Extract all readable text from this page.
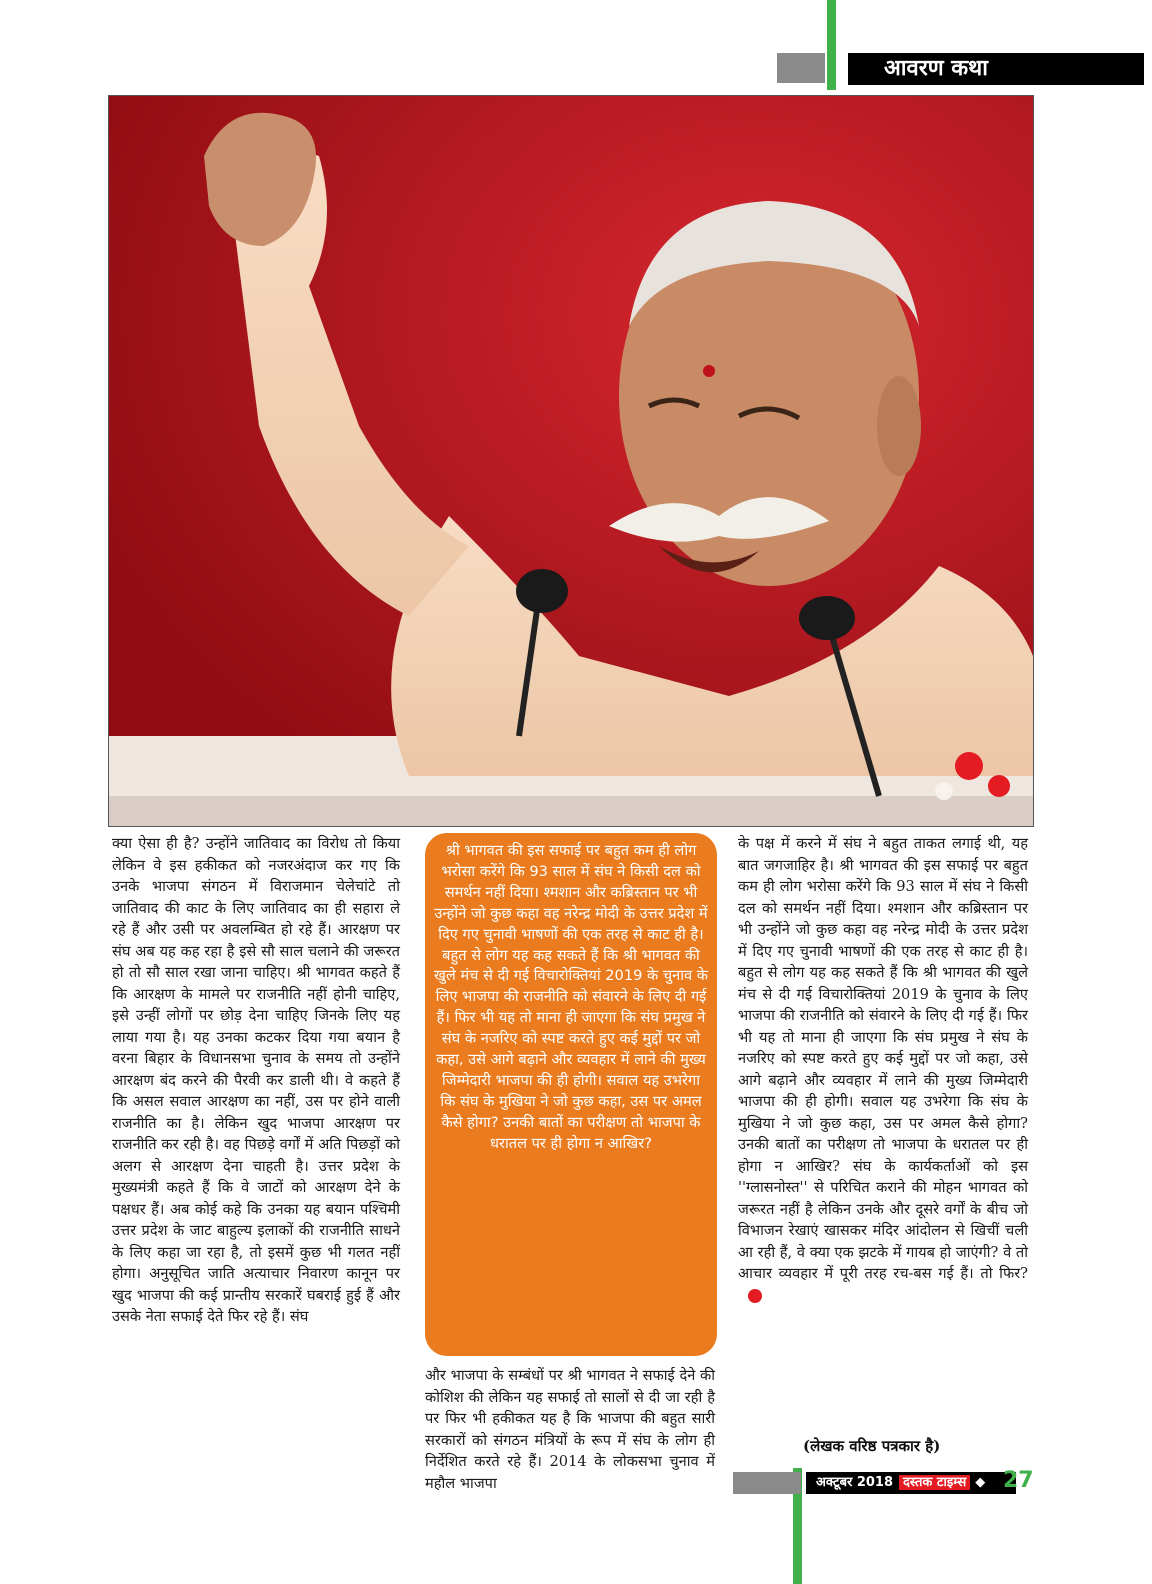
आवरण कथा

क्या ऐसा ही है? उन्होंने जातिवाद का विरोध तो किया लेकिन वे इस हकीकत को नजरअंदाज कर गए कि उनके भाजपा संगठन में विराजमान चेलेचांटे तो जातिवाद की काट के लिए जातिवाद का ही सहारा ले रहे हैं और उसी पर अवलम्बित हो रहे हैं। आरक्षण पर संघ अब यह कह रहा है इसे सौ साल चलाने की जरूरत हो तो सौ साल रखा जाना चाहिए। श्री भागवत कहते हैं कि आरक्षण के मामले पर राजनीति नहीं होनी चाहिए, इसे उन्हीं लोगों पर छोड़ देना चाहिए जिनके लिए यह लाया गया है। यह उनका कटकर दिया गया बयान है वरना बिहार के विधानसभा चुनाव के समय तो उन्होंने आरक्षण बंद करने की पैरवी कर डाली थी। वे कहते हैं कि असल सवाल आरक्षण का नहीं, उस पर होने वाली राजनीति का है। लेकिन खुद भाजपा आरक्षण पर राजनीति कर रही है। वह पिछड़े वर्गों में अति पिछड़ों को अलग से आरक्षण देना चाहती है। उत्तर प्रदेश के मुख्यमंत्री कहते हैं कि वे जाटों को आरक्षण देने के पक्षधर हैं। अब कोई कहे कि उनका यह बयान पश्चिमी उत्तर प्रदेश के जाट बाहुल्य इलाकों की राजनीति साधने के लिए कहा जा रहा है, तो इसमें कुछ भी गलत नहीं होगा। अनुसूचित जाति अत्याचार निवारण कानून पर खुद भाजपा की कई प्रान्तीय सरकारें घबराई हुई हैं और उसके नेता सफाई देते फिर रहे हैं। संघ

श्री भागवत की इस सफाई पर बहुत कम ही लोग भरोसा करेंगे कि 93 साल में संघ ने किसी दल को समर्थन नहीं दिया। श्मशान और कब्रिस्तान पर भी उन्होंने जो कुछ कहा वह नरेन्द्र मोदी के उत्तर प्रदेश में दिए गए चुनावी भाषणों की एक तरह से काट ही है। बहुत से लोग यह कह सकते हैं कि श्री भागवत की खुले मंच से दी गई विचारोक्तियां 2019 के चुनाव के लिए भाजपा की राजनीति को संवारने के लिए दी गई हैं। फिर भी यह तो माना ही जाएगा कि संघ प्रमुख ने संघ के नजरिए को स्पष्ट करते हुए कई मुद्दों पर जो कहा, उसे आगे बढ़ाने और व्यवहार में लाने की मुख्य जिम्मेदारी भाजपा की ही होगी। सवाल यह उभरेगा कि संघ के मुखिया ने जो कुछ कहा, उस पर अमल कैसे होगा? उनकी बातों का परीक्षण तो भाजपा के धरातल पर ही होगा न आखिर?

और भाजपा के सम्बंधों पर श्री भागवत ने सफाई देने की कोशिश की लेकिन यह सफाई तो सालों से दी जा रही है पर फिर भी हकीकत यह है कि भाजपा की बहुत सारी सरकारों को संगठन मंत्रियों के रूप में संघ के लोग ही निर्देशित करते रहे हैं। 2014 के लोकसभा चुनाव में महौल भाजपा

के पक्ष में करने में संघ ने बहुत ताकत लगाई थी, यह बात जगजाहिर है। श्री भागवत की इस सफाई पर बहुत कम ही लोग भरोसा करेंगे कि 93 साल में संघ ने किसी दल को समर्थन नहीं दिया। श्मशान और कब्रिस्तान पर भी उन्होंने जो कुछ कहा वह नरेन्द्र मोदी के उत्तर प्रदेश में दिए गए चुनावी भाषणों की एक तरह से काट ही है। बहुत से लोग यह कह सकते हैं कि श्री भागवत की खुले मंच से दी गई विचारोक्तियां 2019 के चुनाव के लिए भाजपा की राजनीति को संवारने के लिए दी गई हैं। फिर भी यह तो माना ही जाएगा कि संघ प्रमुख ने संघ के नजरिए को स्पष्ट करते हुए कई मुद्दों पर जो कहा, उसे आगे बढ़ाने और व्यवहार में लाने की मुख्य जिम्मेदारी भाजपा की ही होगी। सवाल यह उभरेगा कि संघ के मुखिया ने जो कुछ कहा, उस पर अमल कैसे होगा? उनकी बातों का परीक्षण तो भाजपा के धरातल पर ही होगा न आखिर? संघ के कार्यकर्ताओं को इस ''ग्लासनोस्त'' से परिचित कराने की मोहन भागवत को जरूरत नहीं है लेकिन उनके और दूसरे वर्गों के बीच जो विभाजन रेखाएं खासकर मंदिर आंदोलन से खिचीं चली आ रही हैं, वे क्या एक झटके में गायब हो जाएंगी? वे तो आचार व्यवहार में पूरी तरह रच-बस गई हैं। तो फिर?

(लेखक वरिष्ठ पत्रकार है)
अक्टूबर 2018 दस्तक टाइम्स ◆ 27
